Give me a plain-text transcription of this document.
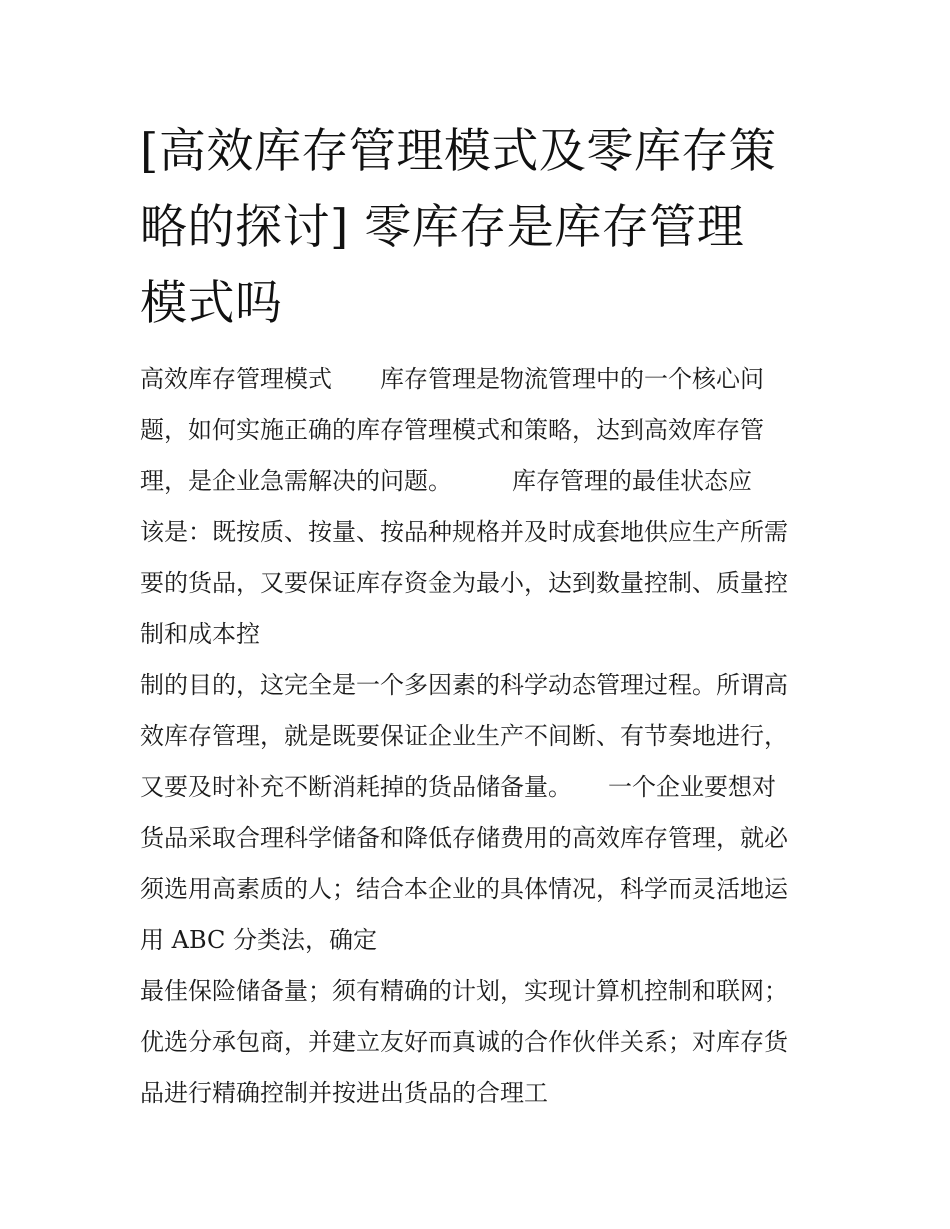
[高效库存管理模式及零库存策
略的探讨] 零库存是库存管理
模式吗
高效库存管理模式　　库存管理是物流管理中的一个核心问
题，如何实施正确的库存管理模式和策略，达到高效库存管
理，是企业急需解决的问题。　　　库存管理的最佳状态应
该是：既按质、按量、按品种规格并及时成套地供应生产所需
要的货品，又要保证库存资金为最小，达到数量控制、质量控
制和成本控
制的目的，这完全是一个多因素的科学动态管理过程。所谓高
效库存管理，就是既要保证企业生产不间断、有节奏地进行，
又要及时补充不断消耗掉的货品储备量。　　一个企业要想对
货品采取合理科学储备和降低存储费用的高效库存管理，就必
须选用高素质的人；结合本企业的具体情况，科学而灵活地运
用 ABC 分类法，确定
最佳保险储备量；须有精确的计划，实现计算机控制和联网；
优选分承包商，并建立友好而真诚的合作伙伴关系；对库存货
品进行精确控制并按进出货品的合理工
